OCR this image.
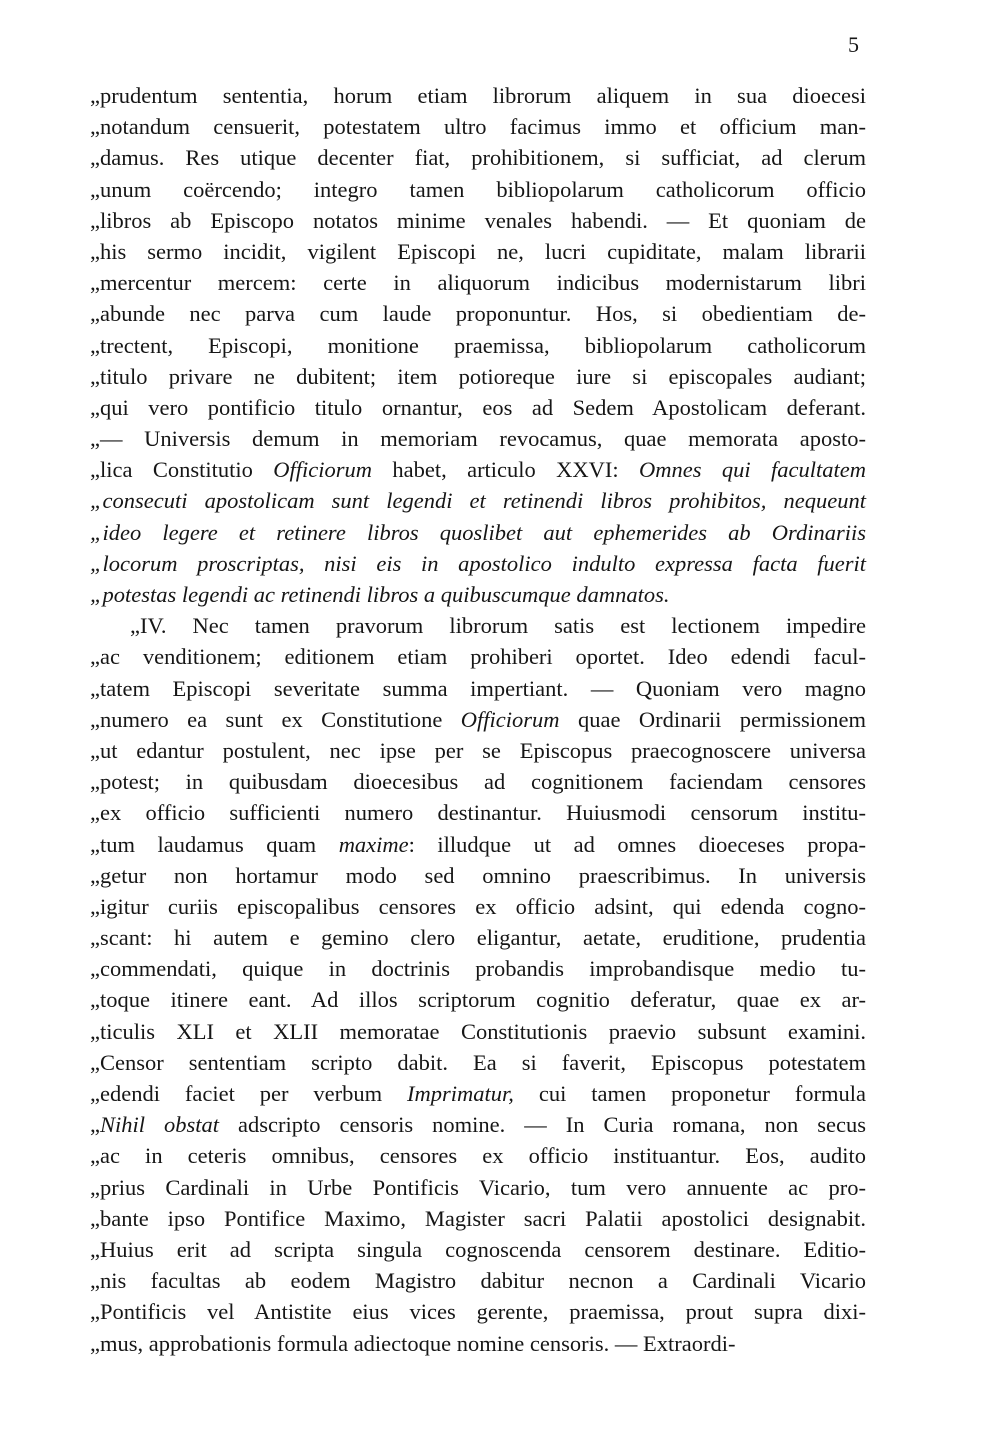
5
„prudentum sententia, horum etiam librorum aliquem in sua dioecesi
„notandum censuerit, potestatem ultro facimus immo et officium man-
„damus. Res utique decenter fiat, prohibitionem, si sufficiat, ad clerum
„unum coërcendo; integro tamen bibliopolarum catholicorum officio
„libros ab Episcopo notatos minime venales habendi. — Et quoniam de
„his sermo incidit, vigilent Episcopi ne, lucri cupiditate, malam librarii
„mercentur mercem: certe in aliquorum indicibus modernistarum libri
„abunde nec parva cum laude proponuntur. Hos, si obedientiam de-
„trectent, Episcopi, monitione praemissa, bibliopolarum catholicorum
„titulo privare ne dubitent; item potioreque iure si episcopales audiant;
„qui vero pontificio titulo ornantur, eos ad Sedem Apostolicam deferant.
„— Universis demum in memoriam revocamus, quae memorata aposto-
„lica Constitutio Officiorum habet, articulo XXVI: Omnes qui facultatem
„consecuti apostolicam sunt legendi et retinendi libros prohibitos, nequeunt
„ideo legere et retinere libros quoslibet aut ephemerides ab Ordinariis
„locorum proscriptas, nisi eis in apostolico indulto expressa facta fuerit
„potestas legendi ac retinendi libros a quibuscumque damnatos.
„IV. Nec tamen pravorum librorum satis est lectionem impedire
„ac venditionem; editionem etiam prohiberi oportet. Ideo edendi facul-
„tatem Episcopi severitate summa impertiant. — Quoniam vero magno
„numero ea sunt ex Constitutione Officiorum quae Ordinarii permissionem
„ut edantur postulent, nec ipse per se Episcopus praecognoscere universa
„potest; in quibusdam dioecesibus ad cognitionem faciendam censores
„ex officio sufficienti numero destinantur. Huiusmodi censorum institu-
„tum laudamus quam maxime: illudque ut ad omnes dioeceses propa-
„getur non hortamur modo sed omnino praescribimus. In universis
„igitur curiis episcopalibus censores ex officio adsint, qui edenda cogno-
„scant: hi autem e gemino clero eligantur, aetate, eruditione, prudentia
„commendati, quique in doctrinis probandis improbandisque medio tu-
„toque itinere eant. Ad illos scriptorum cognitio deferatur, quae ex ar-
„ticulis XLI et XLII memoratae Constitutionis praevio subsunt examini.
„Censor sententiam scripto dabit. Ea si faverit, Episcopus potestatem
„edendi faciet per verbum Imprimatur, cui tamen proponetur formula
„Nihil obstat adscripto censoris nomine. — In Curia romana, non secus
„ac in ceteris omnibus, censores ex officio instituantur. Eos, audito
„prius Cardinali in Urbe Pontificis Vicario, tum vero annuente ac pro-
„bante ipso Pontifice Maximo, Magister sacri Palatii apostolici designabit.
„Huius erit ad scripta singula cognoscenda censorem destinare. Editio-
„nis facultas ab eodem Magistro dabitur necnon a Cardinali Vicario
„Pontificis vel Antistite eius vices gerente, praemissa, prout supra dixi-
„mus, approbationis formula adiectoque nomine censoris. — Extraordi-
